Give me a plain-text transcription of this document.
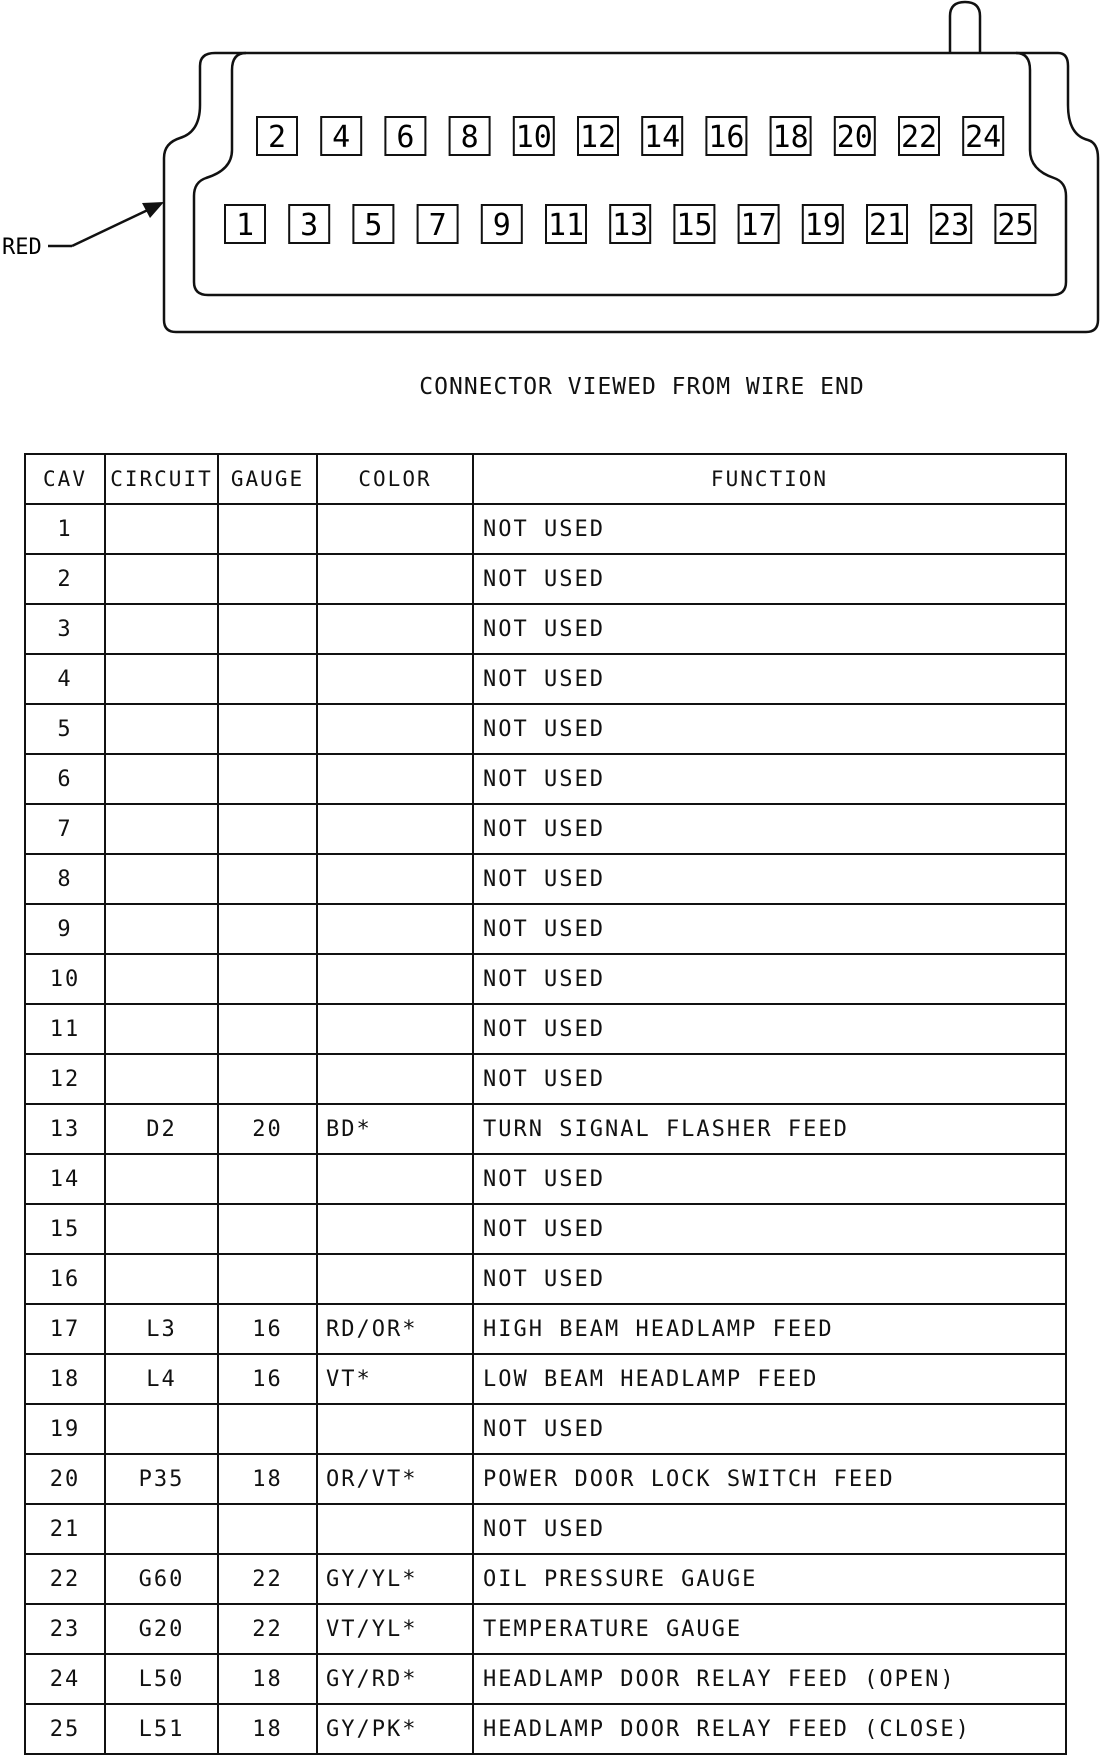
RED
2 4 6 8 10 12 14 16 18 20 22 24
1 3 5 7 9 11 13 15 17 19 21 23 25
CONNECTOR VIEWED FROM WIRE END
CAV	CIRCUIT	GAUGE	COLOR	FUNCTION
1				NOT USED
2				NOT USED
3				NOT USED
4				NOT USED
5				NOT USED
6				NOT USED
7				NOT USED
8				NOT USED
9				NOT USED
10				NOT USED
11				NOT USED
12				NOT USED
13	D2	20	BD*	TURN SIGNAL FLASHER FEED
14				NOT USED
15				NOT USED
16				NOT USED
17	L3	16	RD/OR*	HIGH BEAM HEADLAMP FEED
18	L4	16	VT*	LOW BEAM HEADLAMP FEED
19				NOT USED
20	P35	18	OR/VT*	POWER DOOR LOCK SWITCH FEED
21				NOT USED
22	G60	22	GY/YL*	OIL PRESSURE GAUGE
23	G20	22	VT/YL*	TEMPERATURE GAUGE
24	L50	18	GY/RD*	HEADLAMP DOOR RELAY FEED (OPEN)
25	L51	18	GY/PK*	HEADLAMP DOOR RELAY FEED (CLOSE)
